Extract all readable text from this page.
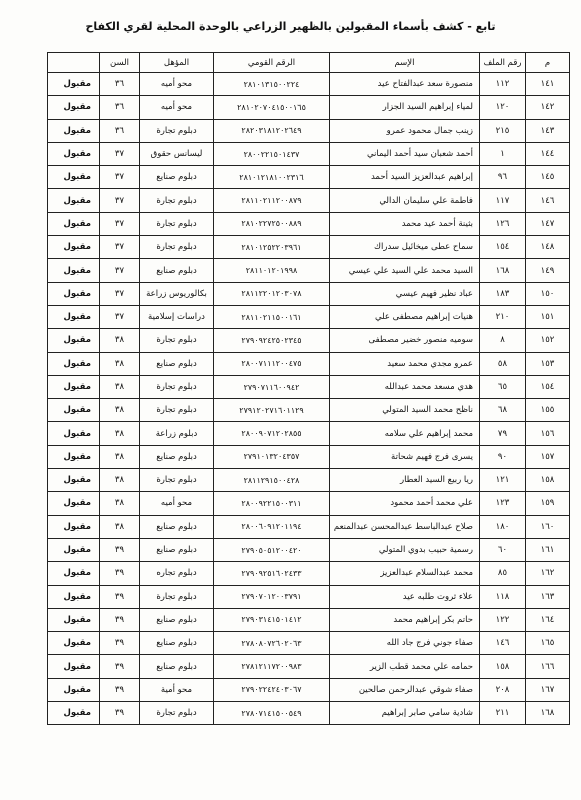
تابع - كشف بأسماء المقبولين بالظهير الزراعي بالوحدة المحلية لقري الكفاح
م	رقم الملف	الإسم	الرقم القومي	المؤهل	السن	
١٤١	١١٢	منصورة سعد عبدالفتاح عيد	٢٨١٠١٣١٥٠٠٢٢٤	محو أميه	٣٦	مقبول
١٤٢	١٢٠	لمياء إبراهيم السيد الجزار	٢٨١٠٢٠٧٠٤١٥٠٠١٦٥	محو أميه	٣٦	مقبول
١٤٣	٢١٥	زينب جمال محمود عمرو	٢٨٢٠٣١٨١٢٠٢٦٤٩	دبلوم تجارة	٣٦	مقبول
١٤٤	١	أحمد شعبان سيد أحمد اليماني	٢٨٠٠٢٢١٥٠١٤٣٧	ليسانس حقوق	٣٧	مقبول
١٤٥	٩٦	إبراهيم عبدالعزيز السيد أحمد	٢٨١٠١٢١٨١٠٠٢٣١٦	دبلوم صنايع	٣٧	مقبول
١٤٦	١١٧	فاطمة علي سليمان الدالي	٢٨١١٠٢١١٢٠٠٨٧٩	دبلوم تجارة	٣٧	مقبول
١٤٧	١٢٦	بثينة أحمد عيد محمد	٢٨١٠٢٢٧٢٥٠٠٨٨٩	دبلوم تجارة	٣٧	مقبول
١٤٨	١٥٤	سماح عطى ميخائيل سدراك	٢٨١٠١٢٥٢٢٠٣٩٦١	دبلوم تجارة	٣٧	مقبول
١٤٩	١٦٨	السيد محمد علي السيد علي عيسي	٢٨١١٠١٢٠١٩٩٨	دبلوم صنايع	٣٧	مقبول
١٥٠	١٨٣	عباد نظير فهيم عيسي	٢٨١١٢٢٠١٢٠٣٠٧٨	بكالوريوس زراعة	٣٧	مقبول
١٥١	٢١٠	هنيات إبراهيم مصطفى علي	٢٨١١٠٢١١٥٠٠١٦١	دراسات إسلامية	٣٧	مقبول
١٥٢	٨	سوميه منصور خضير مصطفى	٢٧٩٠٩٢٤٢٥٠٢٣٤٥	دبلوم تجارة	٣٨	مقبول
١٥٣	٥٨	عمرو مجدي محمد سعيد	٢٨٠٠٧١١١٢٠٠٤٧٥	دبلوم صنايع	٣٨	مقبول
١٥٤	٦٥	هدي مسعد محمد عبدالله	٢٧٩٠٧١١٦٠٠٩٤٢	دبلوم تجارة	٣٨	مقبول
١٥٥	٦٨	ناظح محمد السيد المتولي	٢٧٩١٢٠٢٧١٦٠١١٢٩	دبلوم تجارة	٣٨	مقبول
١٥٦	٧٩	محمد إبراهيم علي سلامه	٢٨٠٠٩٠٧١٢٠٢٨٥٥	دبلوم زراعة	٣٨	مقبول
١٥٧	٩٠	يسرى فرج فهيم شحاتة	٢٧٩١٠١٣٢٠٤٣٥٧	دبلوم صنايع	٣٨	مقبول
١٥٨	١٢١	ريا ربيع السيد العطار	٢٨١١٢٩١٥٠٠٤٢٨	دبلوم تجارة	٣٨	مقبول
١٥٩	١٢٣	علي محمد أحمد محمود	٢٨٠٠٩٢٢١٥٠٠٣١١	محو أميه	٣٨	مقبول
١٦٠	١٨٠	صلاح عبدالباسط عبدالمحسن عبدالمنعم	٢٨٠٠٦٠٩١٢٠١١٩٤	دبلوم صنايع	٣٨	مقبول
١٦١	٦٠	رسمية حبيب بدوي المتولي	٢٧٩٠٥٠٥١٢٠٠٤٢٠	دبلوم صنايع	٣٩	مقبول
١٦٢	٨٥	محمد عبدالسلام عبدالعزيز	٢٧٩٠٩٢٥١٦٠٢٤٣٣	دبلوم تجاره	٣٩	مقبول
١٦٣	١١٨	علاء ثروت طلبه عيد	٢٧٩٠٧٠١٢٠٠٣٧٩١	دبلوم تجارة	٣٩	مقبول
١٦٤	١٢٢	حاتم بكر إبراهيم محمد	٢٧٩٠٣١٤١٥٠١٤١٢	دبلوم صنايع	٣٩	مقبول
١٦٥	١٤٦	صفاء جوني فرج جاد الله	٢٧٨٠٨٠٧٢٦٠٢٠٦٣	دبلوم صنايع	٣٩	مقبول
١٦٦	١٥٨	حمامه علي محمد قطب الزير	٢٧٨١٢١١٧٢٠٠٩٨٣	دبلوم صنايع	٣٩	مقبول
١٦٧	٢٠٨	صفاء شوقي عبدالرحمن صالحين	٢٧٩٠٢٢٤٢٤٠٣٠٦٧	محو أمية	٣٩	مقبول
١٦٨	٢١١	شادية سامي صابر إبراهيم	٢٧٨٠٧١٤١٥٠٠٥٤٩	دبلوم تجارة	٣٩	مقبول
